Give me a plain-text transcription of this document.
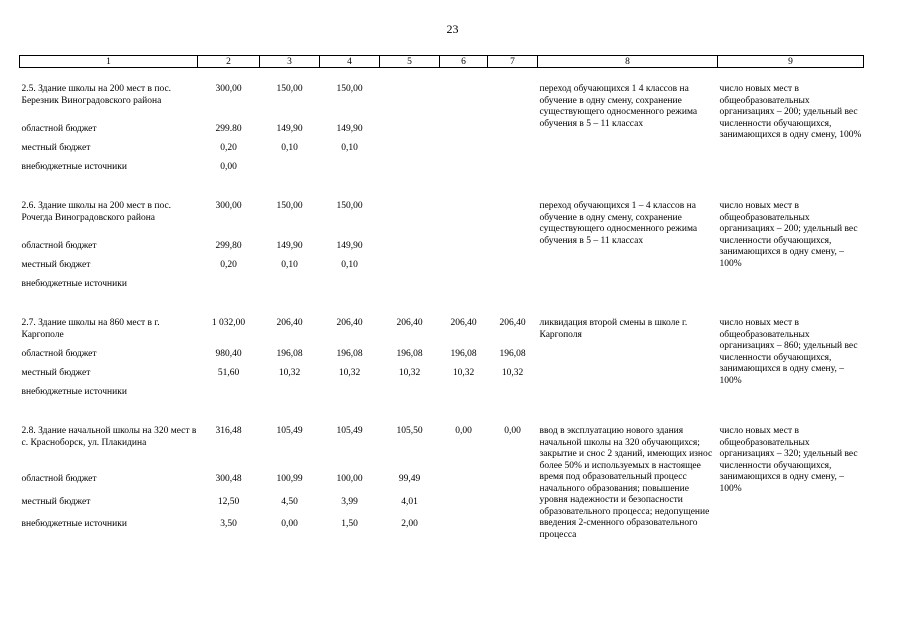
23
1	2	3	4	5	6	7	8	9

2.5. Здание школы на 200 мест в пос. Березник Виноградовского района	300,00	150,00	150,00				переход обучающихся 1 4 классов на обучение в одну смену, сохранение существующего односменного режима обучения в 5 – 11 классах	число новых мест в общеобразовательных организациях – 200; удельный вес численности обучающихся, занимающихся в одну смену, 100%
областной бюджет	299.80	149,90	149,90					
местный бюджет	0,20	0,10	0,10					
внебюджетные источники	0,00							

2.6. Здание школы на 200 мест в пос. Рочегда Виноградовского района	300,00	150,00	150,00				переход обучающихся 1 – 4 классов на обучение в одну смену, сохранение существующего односменного режима обучения в 5 – 11 классах	число новых мест в общеобразовательных организациях – 200; удельный вес численности обучающихся, занимающихся в одну смену, – 100%
областной бюджет	299,80	149,90	149,90					
местный бюджет	0,20	0,10	0,10					
внебюджетные источники								

2.7. Здание школы на 860 мест в г. Каргополе	1 032,00	206,40	206,40	206,40	206,40	206,40	ликвидация второй смены в школе г. Каргополя	число новых мест в общеобразовательных организациях – 860; удельный вес численности обучающихся, занимающихся в одну смену, – 100%
областной бюджет	980,40	196,08	196,08	196,08	196,08	196,08		
местный бюджет	51,60	10,32	10,32	10,32	10,32	10,32		
внебюджетные источники								

2.8. Здание начальной школы на 320 мест в с. Красноборск, ул. Плакидина	316,48	105,49	105,49	105,50	0,00	0,00	ввод в эксплуатацию нового здания начальной школы на 320 обучающихся; закрытие и снос 2 зданий, имеющих износ более 50% и используемых в настоящее время под образовательный процесс начального образования; повышение уровня надежности и безопасности образовательного процесса; недопущение введения 2-сменного образовательного процесса	число новых мест в общеобразовательных организациях – 320; удельный вес численности обучающихся, занимающихся в одну смену, – 100%
областной бюджет	300,48	100,99	100,00	99,49				
местный бюджет	12,50	4,50	3,99	4,01				
внебюджетные источники	3,50	0,00	1,50	2,00				
